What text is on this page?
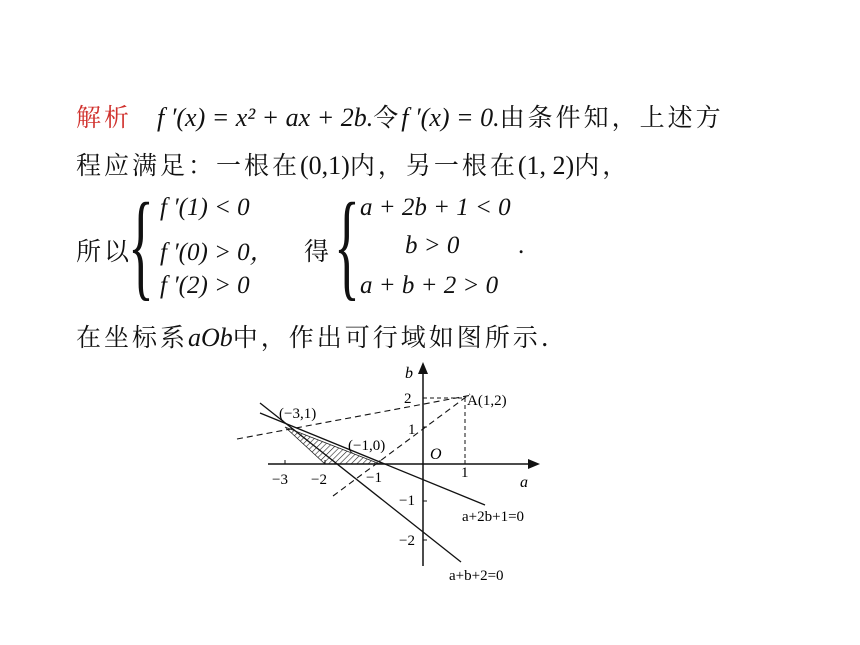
解析 f ′(x) = x² + ax + 2b.令f ′(x) = 0.由条件知，上述方
程应满足：一根在(0,1)内，另一根在(1, 2)内，
所以
{ f ′(1) < 0
f ′(0) > 0，
f ′(2) > 0
得 { a + 2b + 1 < 0
b > 0
a + b + 2 > 0
.
在坐标系aOb中，作出可行域如图所示.
a
b
O
−3 −2	−1	1
2
1
−1
−2
A(1,2)
(−3,1)
(−1,0)
a+2b+1=0
a+b+2=0
